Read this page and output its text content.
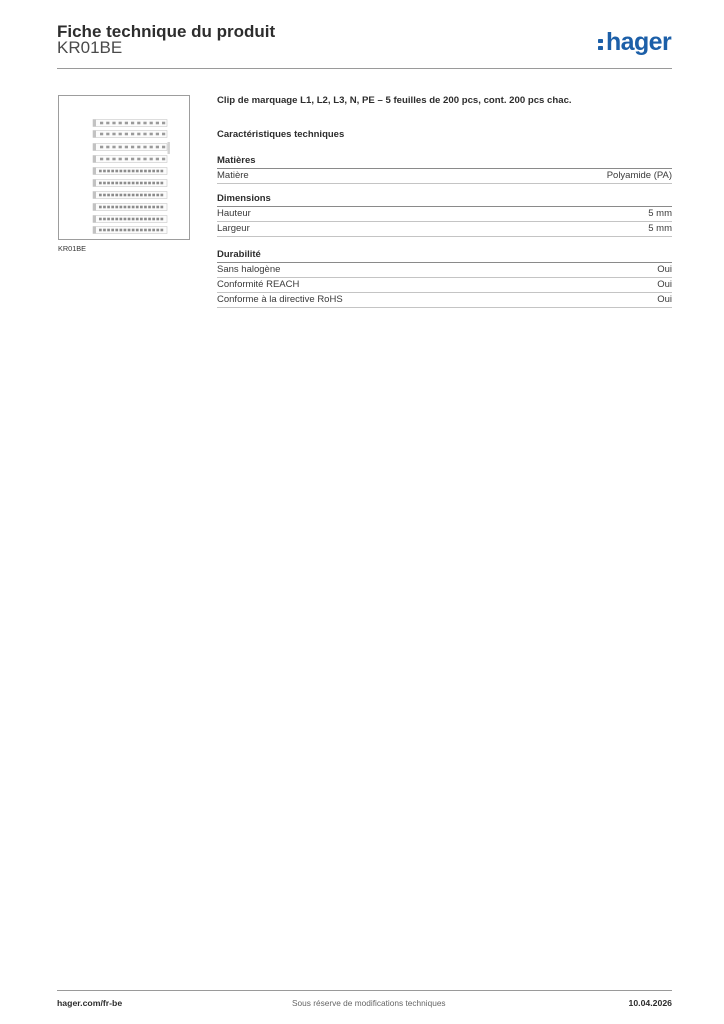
Fiche technique du produit
KR01BE	hager
KR01BE
Clip de marquage L1, L2, L3, N, PE – 5 feuilles de 200 pcs, cont. 200 pcs chac.
Caractéristiques techniques
Matières
Matière	Polyamide (PA)
Dimensions
Hauteur	5 mm
Largeur	5 mm
Durabilité
Sans halogène	Oui
Conformité REACH	Oui
Conforme à la directive RoHS	Oui
hager.com/fr-be	Sous réserve de modifications techniques	10.04.2026
